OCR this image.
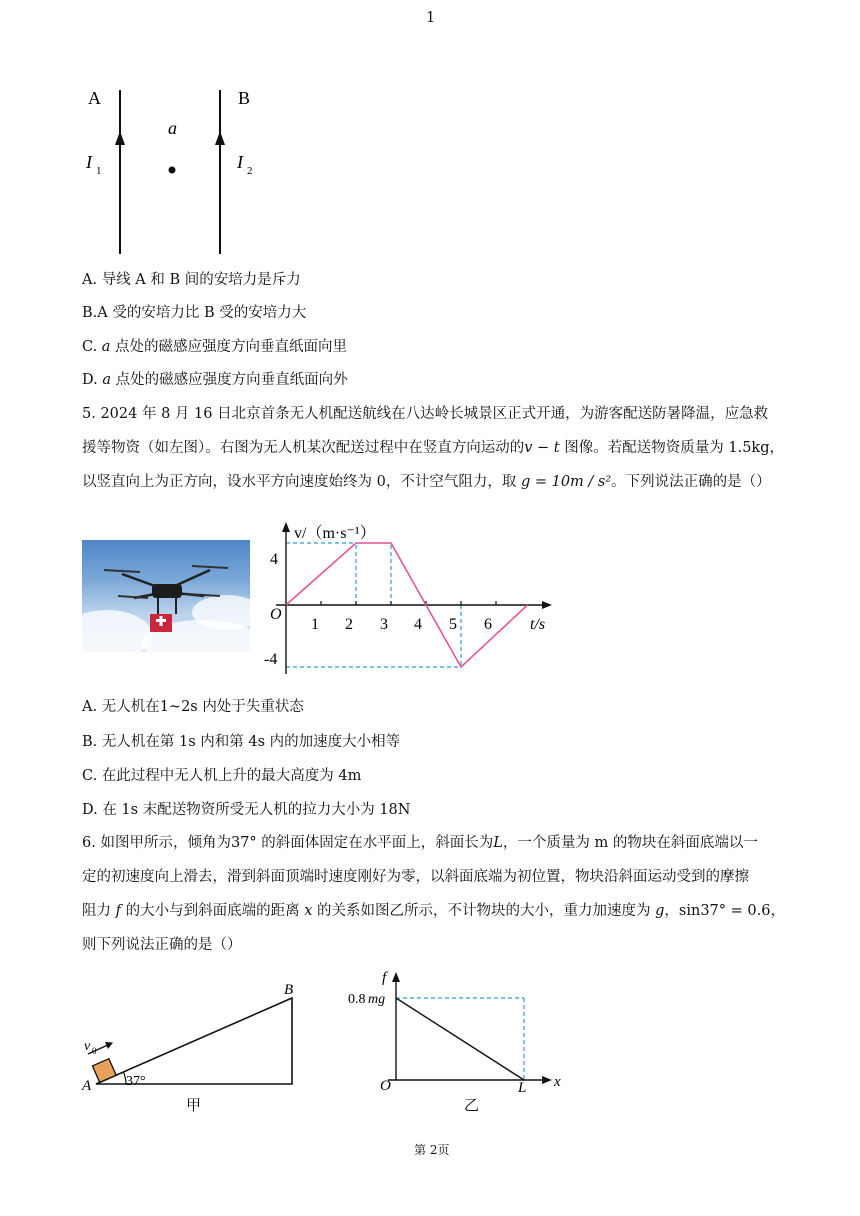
1
A	B
a
I 1	I 2
A. 导线 A 和 B 间的安培力是斥力
B.A 受的安培力比 B 受的安培力大
C. a 点处的磁感应强度方向垂直纸面向里
D. a 点处的磁感应强度方向垂直纸面向外
5. 2024 年 8 月 16 日北京首条无人机配送航线在八达岭长城景区正式开通，为游客配送防暑降温，应急救
援等物资（如左图）。右图为无人机某次配送过程中在竖直方向运动的v − t 图像。若配送物资质量为 1.5kg，
以竖直向上为正方向，设水平方向速度始终为 0，不计空气阻力，取 g = 10m / s²。下列说法正确的是（）
v/（m·s⁻¹）
t/s
O
4
-4
1 2 3 4 5 6
A. 无人机在1~2s 内处于失重状态
B. 无人机在第 1s 内和第 4s 内的加速度大小相等
C. 在此过程中无人机上升的最大高度为 4m
D. 在 1s 末配送物资所受无人机的拉力大小为 18N
6. 如图甲所示，倾角为37° 的斜面体固定在水平面上，斜面长为L，一个质量为 m 的物块在斜面底端以一
定的初速度向上滑去，滑到斜面顶端时速度刚好为零，以斜面底端为初位置，物块沿斜面运动受到的摩擦
阻力 f 的大小与到斜面底端的距离 x 的关系如图乙所示，不计物块的大小，重力加速度为 g，sin37° = 0.6，
则下列说法正确的是（）
B
A 37°
v 0
甲
f
0.8 mg
O	L x
乙
第 2页
